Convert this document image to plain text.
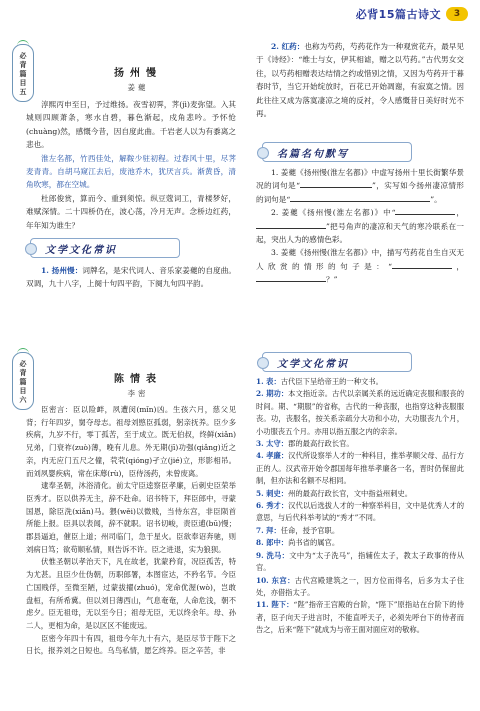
必背15篇古诗文	3
必
背
篇
目
五
扬州慢
姜夔

淳熙丙申至日，予过维扬。夜雪初霁，荠(jì)麦弥望。入其城则四顾萧条，寒水自碧，暮色渐起，戍角悲吟。予怀怆(chuàng)然，感慨今昔，因自度此曲。千岩老人以为有黍离之悲也。

淮左名都，竹西佳处，解鞍少驻初程。过春风十里，尽荠麦青青。自胡马窥江去后，废池乔木，犹厌言兵。渐黄昏，清角吹寒，都在空城。

杜郎俊赏，算而今、重到须惊。纵豆蔻词工，青楼梦好，难赋深情。二十四桥仍在，波心荡，冷月无声。念桥边红药，年年知为谁生？

文学文化常识

1. 扬州慢：词牌名，是宋代词人、音乐家姜夔的自度曲。双调，九十八字，上阕十句四平韵，下阕九句四平韵。

2. 红药：也称为芍药，芍药花作为一种观赏花卉，最早见于《诗经》：“维士与女，伊其相谑，赠之以芍药。”古代男女交往，以芍药相赠表达结情之约或惜别之情，又因为芍药开于暮春时节，当它开始绽放时，百花已开始凋谢，有寂寞之情。因此往往又成为落寞凄凉之境的反衬，令人感慨昔日美好时光不再。

名篇名句默写

1. 姜夔《扬州慢(淮左名都)》中虚写扬州十里长街繁华景况的词句是“	”，实写如今扬州凄凉情形的词句是“	”。

2. 姜夔《扬州慢(淮左名都)》中“	，”把号角声的凄凉和天气的寒冷联系在一起，突出人为的感情色彩。

3. 姜夔《扬州慢(淮左名都)》中，描写芍药花自生自灭无人欣赏的情形的句子是：“	，？”

必
背
篇
目
六
陈情表
李密

臣密言：臣以险衅，夙遭闵(mǐn)凶。生孩六月，慈父见背；行年四岁，舅夺母志。祖母刘愍臣孤弱，躬亲抚养。臣少多疾病，九岁不行，零丁孤苦，至于成立。既无伯叔，终鲜(xiǎn)兄弟，门衰祚(zuò)薄，晚有儿息。外无期(jī)功强(qiǎng)近之亲，内无应门五尺之僮，茕茕(qióng)孑立(jié)立，形影相吊。而刘夙婴疾病，常在床蓐(rù)，臣侍汤药，未曾废离。

逮奉圣朝，沐浴清化。前太守臣逵察臣孝廉，后刺史臣荣举臣秀才。臣以供养无主，辞不赴命。诏书特下，拜臣郎中，寻蒙国恩，除臣洗(xiǎn)马。猥(wěi)以微贱，当侍东宫，非臣陨首所能上报。臣具以表闻，辞不就职。诏书切峻，责臣逋(bū)慢；郡县逼迫，催臣上道；州司临门，急于星火。臣欲奉诏奔驰，则刘病日笃；欲苟顺私情，则告诉不许。臣之进退，实为狼狈。

伏惟圣朝以孝治天下，凡在故老，犹蒙矜育，况臣孤苦，特为尤甚。且臣少仕伪朝，历职郎署，本图宦达，不矜名节。今臣亡国贱俘，至微至陋，过蒙拔擢(zhuó)，宠命优渥(wò)，岂敢盘桓，有所希冀。但以刘日薄西山，气息奄奄，人命危浅，朝不虑夕。臣无祖母，无以至今日；祖母无臣，无以终余年。母、孙二人，更相为命，是以区区不能废远。

臣密今年四十有四，祖母今年九十有六，是臣尽节于陛下之日长，报养刘之日短也。乌鸟私情，愿乞终养。臣之辛苦，非

文学文化常识

1. 表：古代臣下呈给帝王的一种文书。

2. 期功：本文指近亲。古代以亲属关系的远近确定丧服和服丧的时间。期、“期服”的省称，古代的一种丧服，也指穿这种丧服服丧。功，丧服名，按关系亲疏分大功和小功，大功服丧九个月，小功服丧五个月。亦用以指五服之内的亲亲。

3. 太守：郡的最高行政长官。

4. 孝廉：汉代所设察举人才的一种科目，推举孝顺父母、品行方正的人。汉武帝开始令郡国每年推举孝廉各一名，晋时仍保留此制，但亦法和名额不尽相同。

5. 刺史：州的最高行政长官，文中指益州刺史。

6. 秀才：汉代以后选拔人才的一种察举科目，文中是优秀人才的意思，与后代科举考试的“秀才”不同。

7. 拜：任命，授予官职。

8. 郎中：尚书省的属官。

9. 洗马：文中为“太子洗马”，指辅佐太子，教太子政事的侍从官。

10. 东宫：古代宫殿建筑之一，因方位而得名，后多为太子住处，亦借指太子。

11. 陛下：“陛”指帝王宫殿的台阶，“陛下”原指站在台阶下的侍者，臣子向天子进言时，不能直呼天子，必须先呼台下的侍者而告之，后来“陛下”就成为与帝王面对面应对的敬称。
